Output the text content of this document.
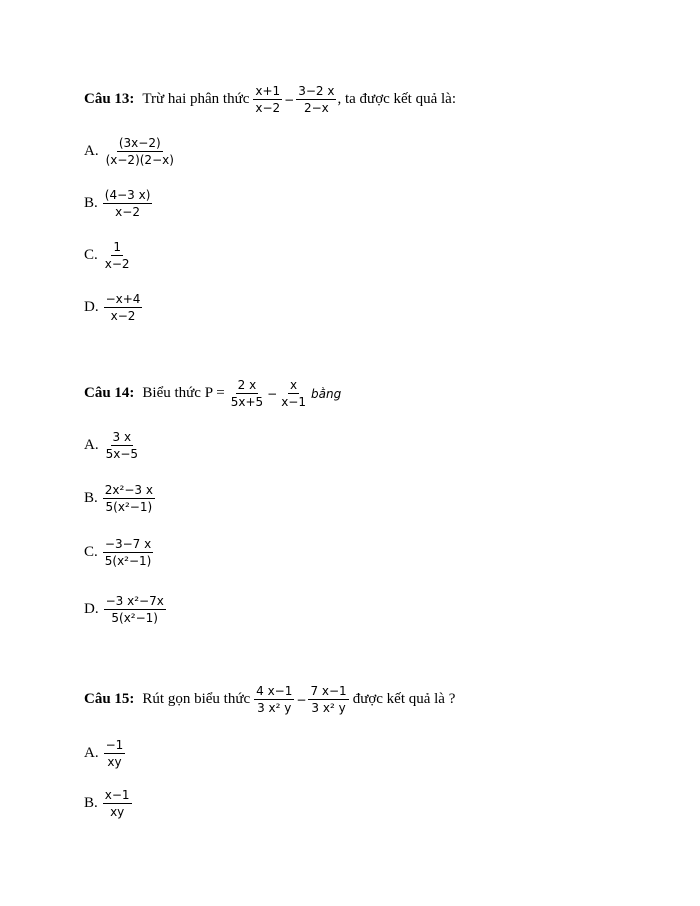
Câu 13: Trừ hai phân thức $\frac{x+1}{x-2} - \frac{3-2 x}{2-x}$ , ta được kết quả là:
A. $\frac{(3x-2)}{(x-2)(2-x)}$
B. $\frac{(4-3 x)}{x-2}$
C. $\frac{1}{x-2}$
D. $\frac{-x+4}{x-2}$
Câu 14: Biểu thức $P = \frac{2 x}{5x+5} - \frac{x}{x-1}$ bằng
A. $\frac{3 x}{5x-5}$
B. $\frac{\text{2x²−3 x}}{\text{5(x²−1)}}$
C. $\frac{-3-7 x}{\text{5(x²−1)}}$
D. $\frac{\text{−3 x²−7x}}{\text{5(x²−1)}}$
Câu 15: Rút gọn biểu thức $\frac{4 x-1}{\text{3 x² y}} - \frac{7 x-1}{\text{3 x² y}}$ được kết quả là ?
A. $\frac{-1}{xy}$
B. $\frac{x-1}{xy}$
